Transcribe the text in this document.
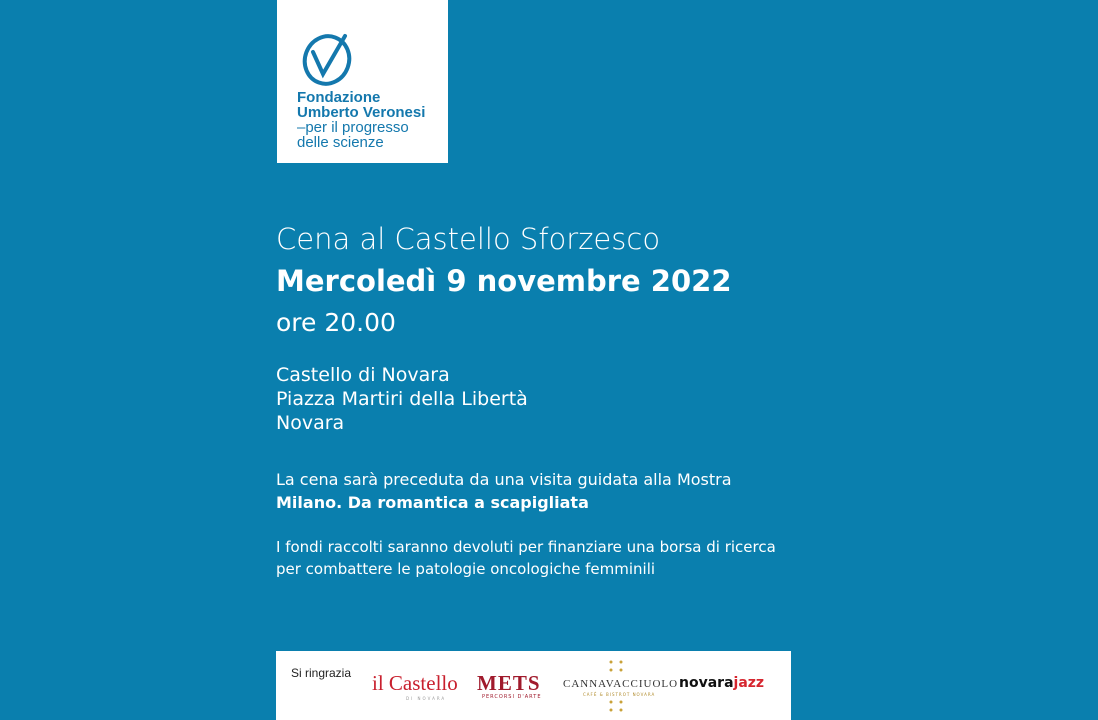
Fondazione
Umberto Veronesi
–per il progresso
delle scienze
Cena al Castello Sforzesco
Mercoledì 9 novembre 2022
ore 20.00
Castello di Novara
Piazza Martiri della Libertà
Novara
La cena sarà preceduta da una visita guidata alla Mostra
Milano. Da romantica a scapigliata
I fondi raccolti saranno devoluti per finanziare una borsa di ricerca
per combattere le patologie oncologiche femminili
Si ringrazia il Castello
DI NOVARA
METS
PERCORSI D'ARTE
CANNAVACCIUOLO
CAFÉ & BISTROT NOVARA
novarajazz
